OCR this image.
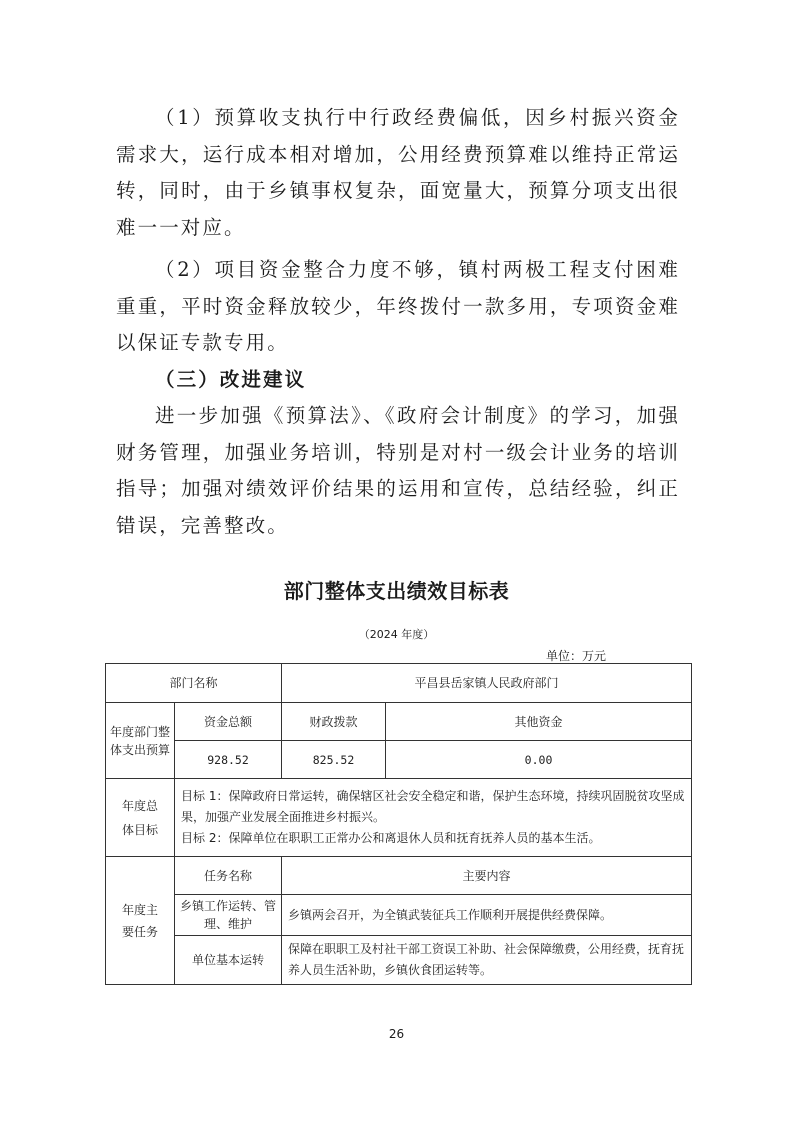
（1）预算收支执行中行政经费偏低，因乡村振兴资金需求大，运行成本相对增加，公用经费预算难以维持正常运转，同时，由于乡镇事权复杂，面宽量大，预算分项支出很难一一对应。

（2）项目资金整合力度不够，镇村两极工程支付困难重重，平时资金释放较少，年终拨付一款多用，专项资金难以保证专款专用。

（三）改进建议

进一步加强《预算法》、《政府会计制度》的学习，加强财务管理，加强业务培训，特别是对村一级会计业务的培训指导；加强对绩效评价结果的运用和宣传，总结经验，纠正错误，完善整改。

部门整体支出绩效目标表
（2024 年度）
单位：万元
部门名称		平昌县岳家镇人民政府部门	
年度部门整体支出预算	资金总额	财政拨款	其他资金
	928.52	825.52	0.00
年度总体目标	目标 1：保障政府日常运转，确保辖区社会安全稳定和谐，保护生态环境，持续巩固脱贫攻坚成果，加强产业发展全面推进乡村振兴。
目标 2：保障单位在职职工正常办公和离退休人员和抚育抚养人员的基本生活。		

年度主要任务	任务名称	主要内容	
	乡镇工作运转、管理、维护	乡镇两会召开，为全镇武装征兵工作顺利开展提供经费保障。	
	单位基本运转	保障在职职工及村社干部工资误工补助、社会保障缴费，公用经费，抚育抚养人员生活补助，乡镇伙食团运转等。	
26
